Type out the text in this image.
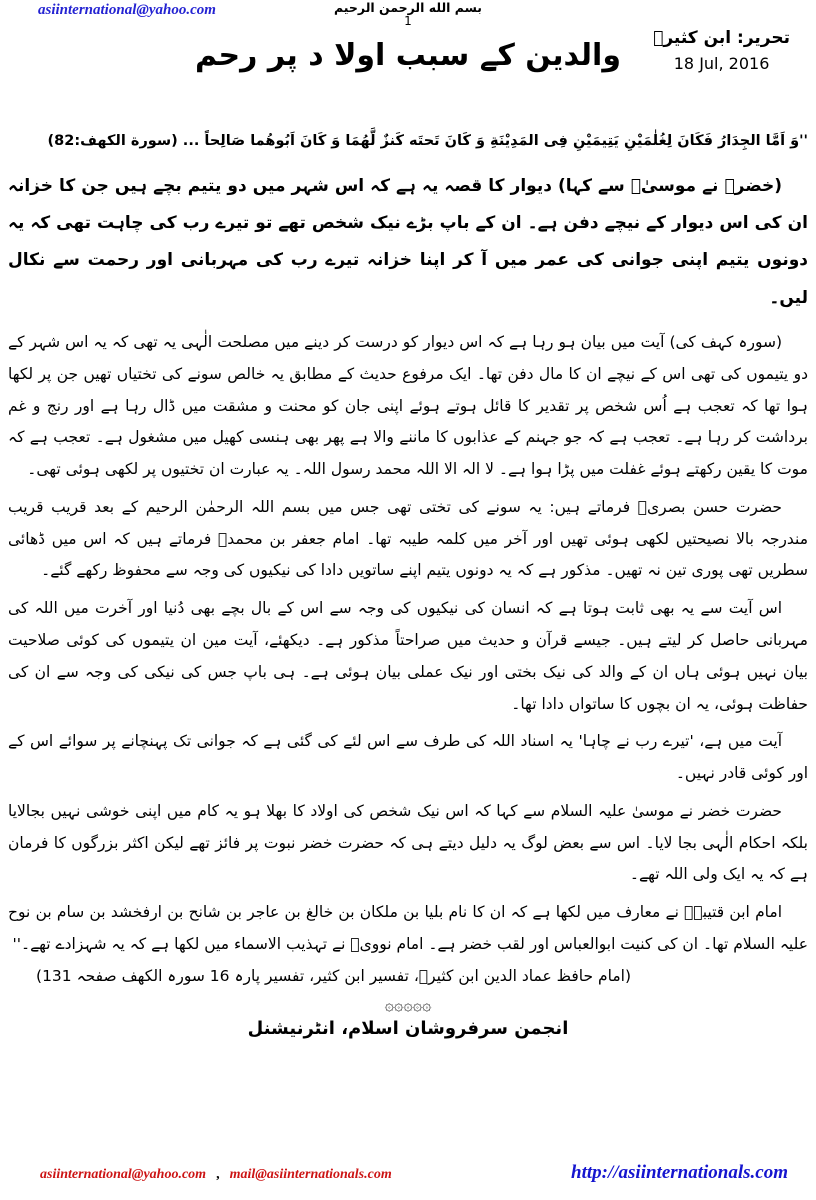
asiinternational@yahoo.com	بسم الله الرحمن الرحيم
1
تحریر: ابن کثیرؒ
18 Jul, 2016
والدین کے سبب اولا د پر رحم

''وَ اَمَّا الجِدَارُ فَكَانَ لِغُلٰمَيْنِ يَتِيمَيْنِ فِى المَدِيْنَةِ وَ كَانَ تَحتَه كَنزٌ لَّهُمَا وَ كَانَ اَبُوهُما صَالِحاً ... (سورة الكهف:82)

(خضرؑ نے موسیٰؑ سے کہا) دیوار کا قصہ یہ ہے کہ اس شہر میں دو یتیم بچے ہیں جن کا خزانہ ان کی اس دیوار کے نیچے دفن ہے۔ ان کے باپ بڑے نیک شخص تھے تو تیرے رب کی چاہت تھی کہ یہ دونوں یتیم اپنی جوانی کی عمر میں آ کر اپنا خزانہ تیرے رب کی مہربانی اور رحمت سے نکال لیں۔

(سورہ کہف کی) آیت میں بیان ہو رہا ہے کہ اس دیوار کو درست کر دینے میں مصلحت الٰہی یہ تھی کہ یہ اس شہر کے دو یتیموں کی تھی اس کے نیچے ان کا مال دفن تھا۔ ایک مرفوع حدیث کے مطابق یہ خالص سونے کی تختیاں تھیں جن پر لکھا ہوا تھا کہ تعجب ہے اُس شخص پر تقدیر کا قائل ہوتے ہوئے اپنی جان کو محنت و مشقت میں ڈال رہا ہے اور رنج و غم برداشت کر رہا ہے۔ تعجب ہے کہ جو جہنم کے عذابوں کا ماننے والا ہے پھر بھی ہنسی کھیل میں مشغول ہے۔ تعجب ہے کہ موت کا یقین رکھتے ہوئے غفلت میں پڑا ہوا ہے۔ لا الہ الا اللہ محمد رسول اللہ۔ یہ عبارت ان تختیوں پر لکھی ہوئی تھی۔

حضرت حسن بصریؒ فرماتے ہیں: یہ سونے کی تختی تھی جس میں بسم اللہ الرحمٰن الرحیم کے بعد قریب قریب مندرجہ بالا نصیحتیں لکھی ہوئی تھیں اور آخر میں کلمہ طیبہ تھا۔ امام جعفر بن محمدؒ فرماتے ہیں کہ اس میں ڈھائی سطریں تھی پوری تین نہ تھیں۔ مذکور ہے کہ یہ دونوں یتیم اپنے ساتویں دادا کی نیکیوں کی وجہ سے محفوظ رکھے گئے۔

اس آیت سے یہ بھی ثابت ہوتا ہے کہ انسان کی نیکیوں کی وجہ سے اس کے بال بچے بھی دُنیا اور آخرت میں اللہ کی مہربانی حاصل کر لیتے ہیں۔ جیسے قرآن و حدیث میں صراحتاً مذکور ہے۔ دیکھئے، آیت مین ان یتیموں کی کوئی صلاحیت بیان نہیں ہوئی ہاں ان کے والد کی نیک بختی اور نیک عملی بیان ہوئی ہے۔ ہی باپ جس کی نیکی کی وجہ سے ان کی حفاظت ہوئی، یہ ان بچوں کا ساتواں دادا تھا۔

آیت میں ہے، 'تیرے رب نے چاہا' یہ اسناد اللہ کی طرف سے اس لئے کی گئی ہے کہ جوانی تک پہنچانے پر سوائے اس کے اور کوئی قادر نہیں۔

حضرت خضر نے موسیٰ علیہ السلام سے کہا کہ اس نیک شخص کی اولاد کا بھلا ہو یہ کام میں اپنی خوشی نہیں بجالایا بلکہ احکام الٰہی بجا لایا۔ اس سے بعض لوگ یہ دلیل دیتے ہی کہ حضرت خضر نبوت پر فائز تھے لیکن اکثر بزرگوں کا فرمان ہے کہ یہ ایک ولی اللہ تھے۔

امام ابن قتیبہؒ نے معارف میں لکھا ہے کہ ان کا نام بلیا بن ملکان بن خالغ بن عاجر بن شانح بن ارفخشد بن سام بن نوح علیہ السلام تھا۔ ان کی کنیت ابوالعباس اور لقب خضر ہے۔ امام نوویؒ نے تہذیب الاسماء میں لکھا ہے کہ یہ شہزادے تھے۔''

(امام حافظ عماد الدین ابن کثیرؒ، تفسیر ابن کثیر، تفسیر پارہ 16 سورہ الکھف صفحہ 131)

۞۞۞۞۞
انجمن سرفروشان اسلام، انٹرنیشنل
asiinternational@yahoo.com , mail@asiinternationals.com	http://asiinternationals.com
